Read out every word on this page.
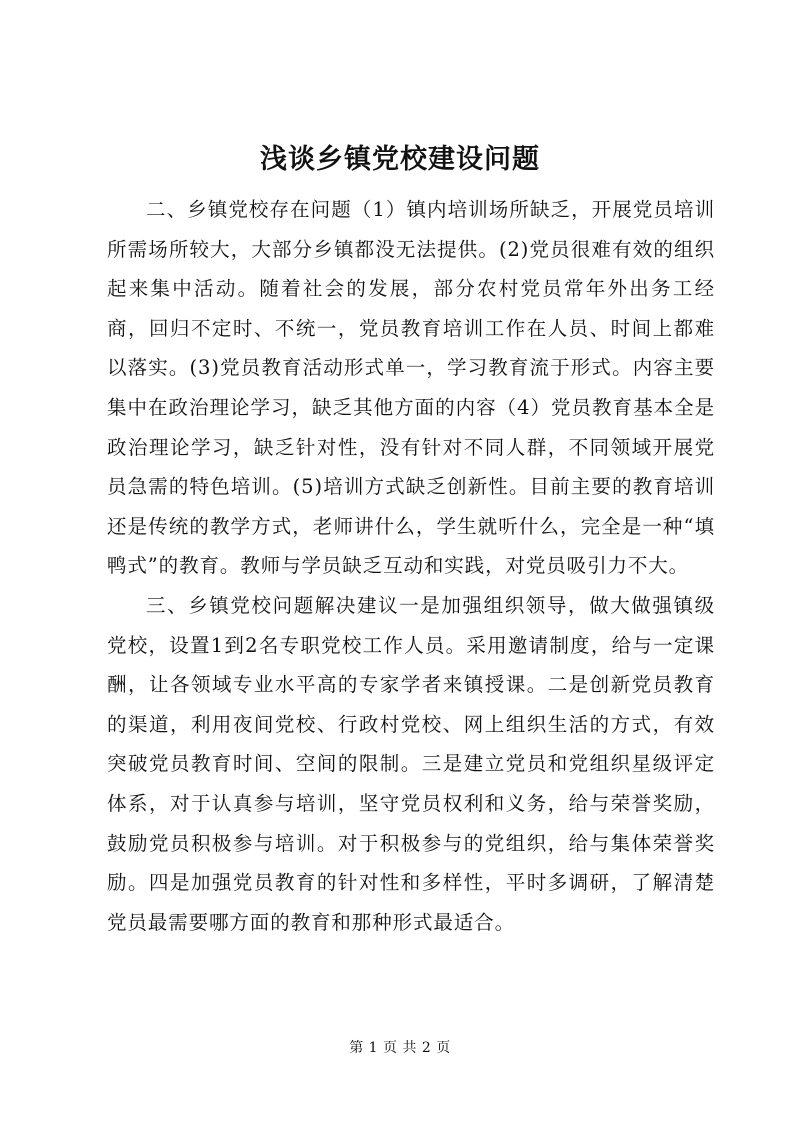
浅谈乡镇党校建设问题

二、乡镇党校存在问题（1）镇内培训场所缺乏，开展党员培训所需场所较大，大部分乡镇都没无法提供。(2)党员很难有效的组织起来集中活动。随着社会的发展，部分农村党员常年外出务工经商，回归不定时、不统一，党员教育培训工作在人员、时间上都难以落实。(3)党员教育活动形式单一，学习教育流于形式。内容主要集中在政治理论学习，缺乏其他方面的内容（4）党员教育基本全是政治理论学习，缺乏针对性，没有针对不同人群，不同领域开展党员急需的特色培训。(5)培训方式缺乏创新性。目前主要的教育培训还是传统的教学方式，老师讲什么，学生就听什么，完全是一种“填鸭式”的教育。教师与学员缺乏互动和实践，对党员吸引力不大。

三、乡镇党校问题解决建议一是加强组织领导，做大做强镇级党校，设置1到2名专职党校工作人员。采用邀请制度，给与一定课酬，让各领域专业水平高的专家学者来镇授课。二是创新党员教育的渠道，利用夜间党校、行政村党校、网上组织生活的方式，有效突破党员教育时间、空间的限制。三是建立党员和党组织星级评定体系，对于认真参与培训，坚守党员权利和义务，给与荣誉奖励，鼓励党员积极参与培训。对于积极参与的党组织，给与集体荣誉奖励。四是加强党员教育的针对性和多样性，平时多调研，了解清楚党员最需要哪方面的教育和那种形式最适合。

第 1 页 共 2 页
